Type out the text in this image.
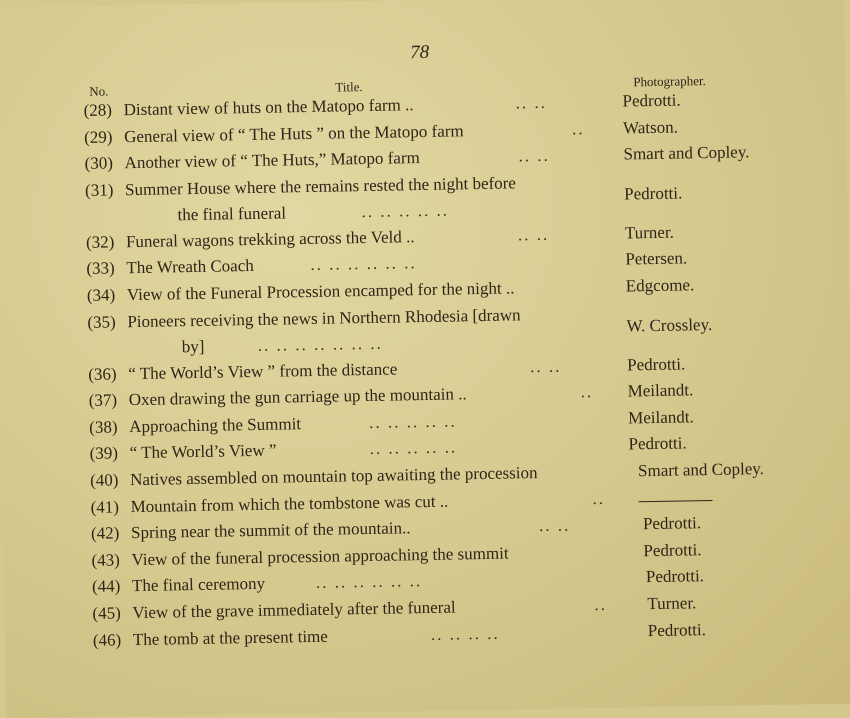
78
No.	Title.	Photographer.
(28) Distant view of huts on the Matopo farm ..	.. ..	Pedrotti.
(29) General view of “ The Huts ” on the Matopo farm	.. Watson.
(30) Another view of “ The Huts,” Matopo farm	.. ..	Smart and Copley.
(31) Summer House where the remains rested the night before
the final funeral	.. .. .. .. ..
Pedrotti.
(32) Funeral wagons trekking across the Veld ..	.. ..	Turner.
(33) The Wreath Coach	.. .. .. .. .. ..	Petersen.
(34) View of the Funeral Procession encamped for the night ..	Edgcome.
(35) Pioneers receiving the news in Northern Rhodesia [drawn
by]	.. .. .. .. .. .. ..
W. Crossley.
(36) “ The World’s View ” from the distance	.. ..	Pedrotti.
(37) Oxen drawing the gun carriage up the mountain ..	.. Meilandt.
(38) Approaching the Summit	.. .. .. .. ..	Meilandt.
(39) “ The World’s View ”	.. .. .. .. ..	Pedrotti.
(40) Natives assembled on mountain top awaiting the procession	Smart and Copley.
(41) Mountain from which the tombstone was cut ..	..
(42) Spring near the summit of the mountain..	.. ..	Pedrotti.
(43) View of the funeral procession approaching the summit	Pedrotti.
(44) The final ceremony	.. .. .. .. .. ..	Pedrotti.
(45) View of the grave immediately after the funeral	.. Turner.
(46) The tomb at the present time	.. .. .. ..	Pedrotti.
